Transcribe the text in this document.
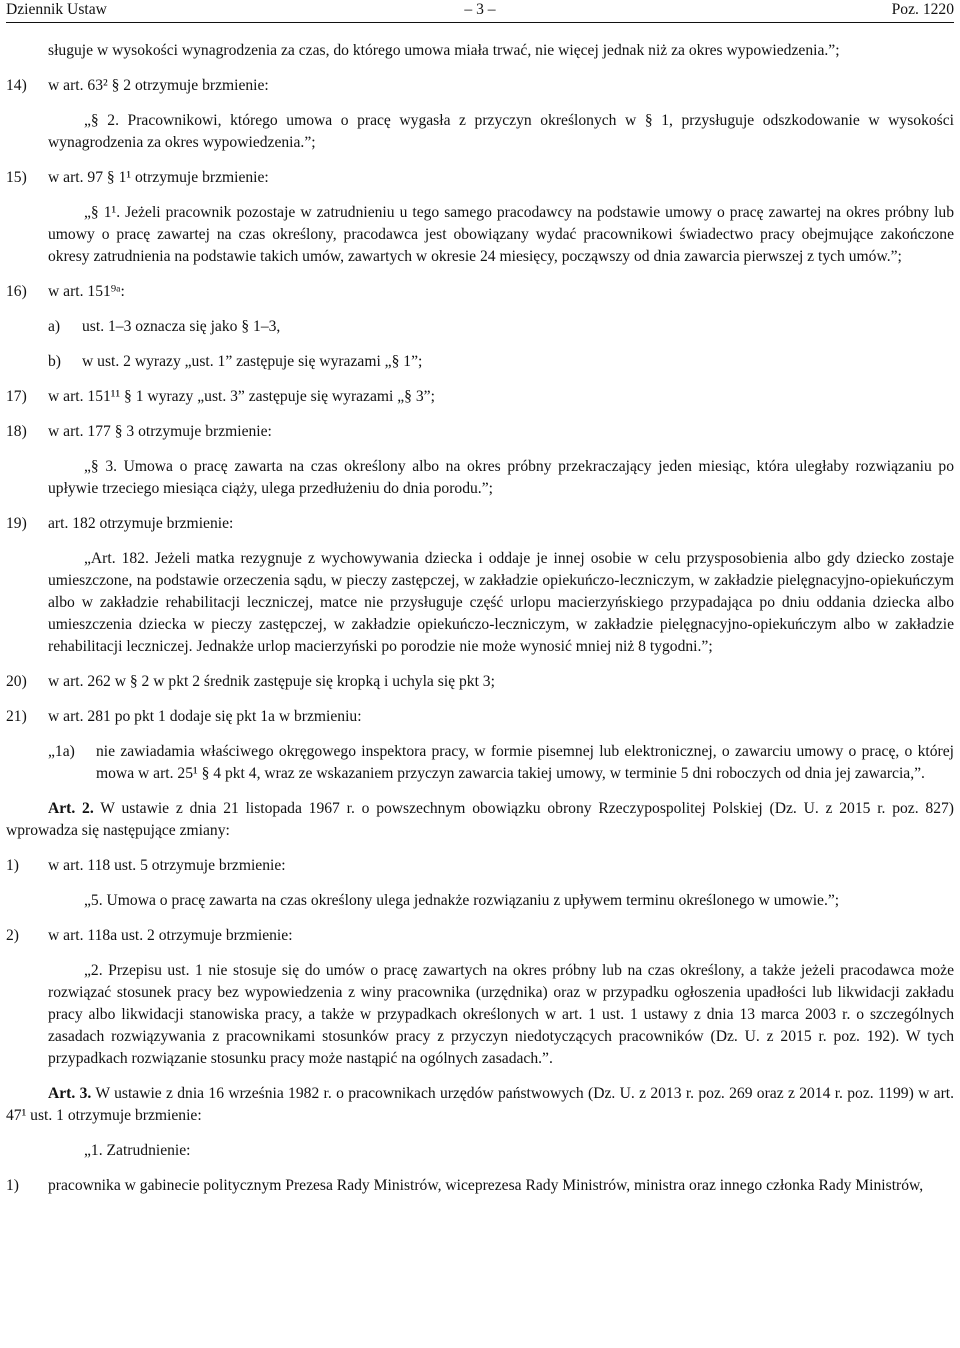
Dziennik Ustaw	– 3 –	Poz. 1220

sługuje w wysokości wynagrodzenia za czas, do którego umowa miała trwać, nie więcej jednak niż za okres wypowiedzenia.”;

14)	w art. 63² § 2 otrzymuje brzmienie:

„§ 2. Pracownikowi, którego umowa o pracę wygasła z przyczyn określonych w § 1, przysługuje odszkodowanie w wysokości wynagrodzenia za okres wypowiedzenia.”;

15)	w art. 97 § 1¹ otrzymuje brzmienie:

„§ 1¹. Jeżeli pracownik pozostaje w zatrudnieniu u tego samego pracodawcy na podstawie umowy o pracę zawartej na okres próbny lub umowy o pracę zawartej na czas określony, pracodawca jest obowiązany wydać pracownikowi świadectwo pracy obejmujące zakończone okresy zatrudnienia na podstawie takich umów, zawartych w okresie 24 miesięcy, począwszy od dnia zawarcia pierwszej z tych umów.”;

16)	w art. 151⁹ᵃ:
a)	ust. 1–3 oznacza się jako § 1–3,
b)	w ust. 2 wyrazy „ust. 1” zastępuje się wyrazami „§ 1”;
17)	w art. 151¹¹ § 1 wyrazy „ust. 3” zastępuje się wyrazami „§ 3”;
18)	w art. 177 § 3 otrzymuje brzmienie:

„§ 3. Umowa o pracę zawarta na czas określony albo na okres próbny przekraczający jeden miesiąc, która uległaby rozwiązaniu po upływie trzeciego miesiąca ciąży, ulega przedłużeniu do dnia porodu.”;

19)	art. 182 otrzymuje brzmienie:

„Art. 182. Jeżeli matka rezygnuje z wychowywania dziecka i oddaje je innej osobie w celu przysposobienia albo gdy dziecko zostaje umieszczone, na podstawie orzeczenia sądu, w pieczy zastępczej, w zakładzie opiekuńczo-leczniczym, w zakładzie pielęgnacyjno-opiekuńczym albo w zakładzie rehabilitacji leczniczej, matce nie przysługuje część urlopu macierzyńskiego przypadająca po dniu oddania dziecka albo umieszczenia dziecka w pieczy zastępczej, w zakładzie opiekuńczo-leczniczym, w zakładzie pielęgnacyjno-opiekuńczym albo w zakładzie rehabilitacji leczniczej. Jednakże urlop macierzyński po porodzie nie może wynosić mniej niż 8 tygodni.”;

20)	w art. 262 w § 2 w pkt 2 średnik zastępuje się kropką i uchyla się pkt 3;
21)	w art. 281 po pkt 1 dodaje się pkt 1a w brzmieniu:
„1a)	nie zawiadamia właściwego okręgowego inspektora pracy, w formie pisemnej lub elektronicznej, o zawarciu umowy o pracę, o której mowa w art. 25¹ § 4 pkt 4, wraz ze wskazaniem przyczyn zawarcia takiej umowy, w terminie 5 dni roboczych od dnia jej zawarcia,”.

Art. 2. W ustawie z dnia 21 listopada 1967 r. o powszechnym obowiązku obrony Rzeczypospolitej Polskiej (Dz. U. z 2015 r. poz. 827) wprowadza się następujące zmiany:

1)	w art. 118 ust. 5 otrzymuje brzmienie:

„5. Umowa o pracę zawarta na czas określony ulega jednakże rozwiązaniu z upływem terminu określonego w umowie.”;

2)	w art. 118a ust. 2 otrzymuje brzmienie:

„2. Przepisu ust. 1 nie stosuje się do umów o pracę zawartych na okres próbny lub na czas określony, a także jeżeli pracodawca może rozwiązać stosunek pracy bez wypowiedzenia z winy pracownika (urzędnika) oraz w przypadku ogłoszenia upadłości lub likwidacji zakładu pracy albo likwidacji stanowiska pracy, a także w przypadkach określonych w art. 1 ust. 1 ustawy z dnia 13 marca 2003 r. o szczególnych zasadach rozwiązywania z pracownikami stosunków pracy z przyczyn niedotyczących pracowników (Dz. U. z 2015 r. poz. 192). W tych przypadkach rozwiązanie stosunku pracy może nastąpić na ogólnych zasadach.”.

Art. 3. W ustawie z dnia 16 września 1982 r. o pracownikach urzędów państwowych (Dz. U. z 2013 r. poz. 269 oraz z 2014 r. poz. 1199) w art. 47¹ ust. 1 otrzymuje brzmienie:

„1. Zatrudnienie:

1)	pracownika w gabinecie politycznym Prezesa Rady Ministrów, wiceprezesa Rady Ministrów, ministra oraz innego członka Rady Ministrów,
